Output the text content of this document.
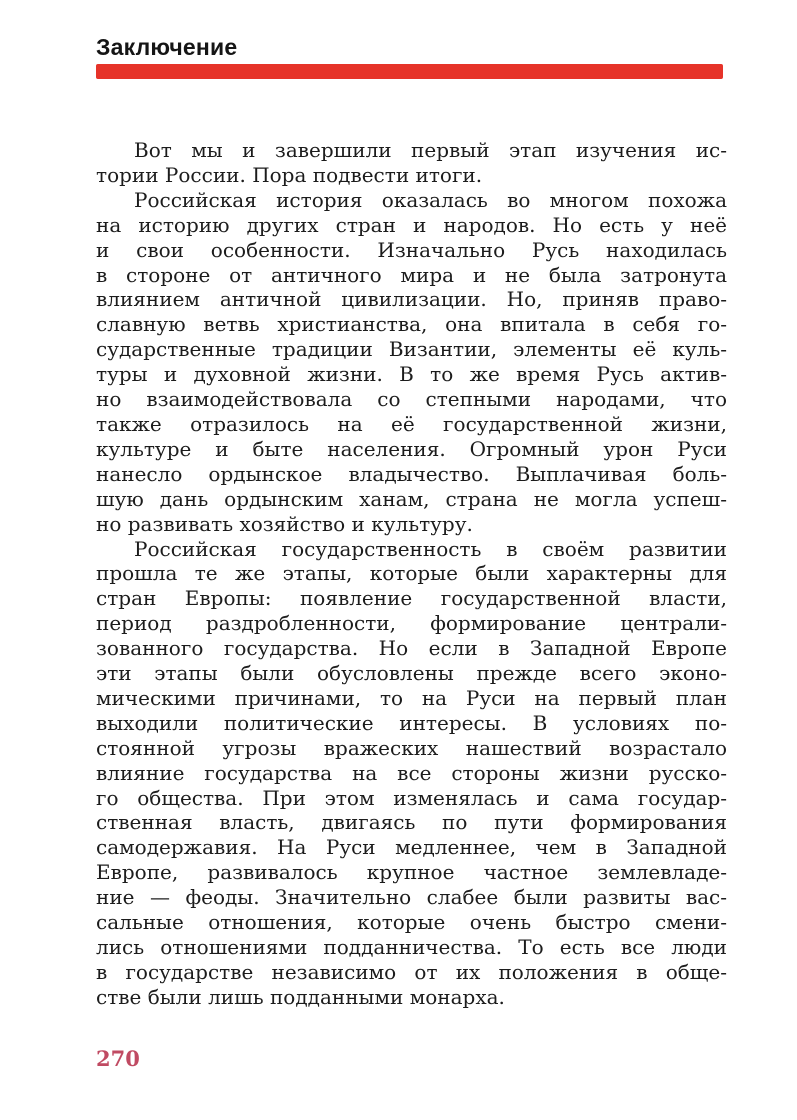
Заключение

Вот мы и завершили первый этап изучения ис-
тории России. Пора подвести итоги.

Российская история оказалась во многом похожа
на историю других стран и народов. Но есть у неё
и свои особенности. Изначально Русь находилась
в стороне от античного мира и не была затронута
влиянием античной цивилизации. Но, приняв право-
славную ветвь христианства, она впитала в себя го-
сударственные традиции Византии, элементы её куль-
туры и духовной жизни. В то же время Русь актив-
но взаимодействовала со степными народами, что
также отразилось на её государственной жизни,
культуре и быте населения. Огромный урон Руси
нанесло ордынское владычество. Выплачивая боль-
шую дань ордынским ханам, страна не могла успеш-
но развивать хозяйство и культуру.

Российская государственность в своём развитии
прошла те же этапы, которые были характерны для
стран Европы: появление государственной власти,
период раздробленности, формирование централи-
зованного государства. Но если в Западной Европе
эти этапы были обусловлены прежде всего эконо-
мическими причинами, то на Руси на первый план
выходили политические интересы. В условиях по-
стоянной угрозы вражеских нашествий возрастало
влияние государства на все стороны жизни русско-
го общества. При этом изменялась и сама государ-
ственная власть, двигаясь по пути формирования
самодержавия. На Руси медленнее, чем в Западной
Европе, развивалось крупное частное землевладе-
ние — феоды. Значительно слабее были развиты вас-
сальные отношения, которые очень быстро смени-
лись отношениями подданничества. То есть все люди
в государстве независимо от их положения в обще-
стве были лишь подданными монарха.

270
